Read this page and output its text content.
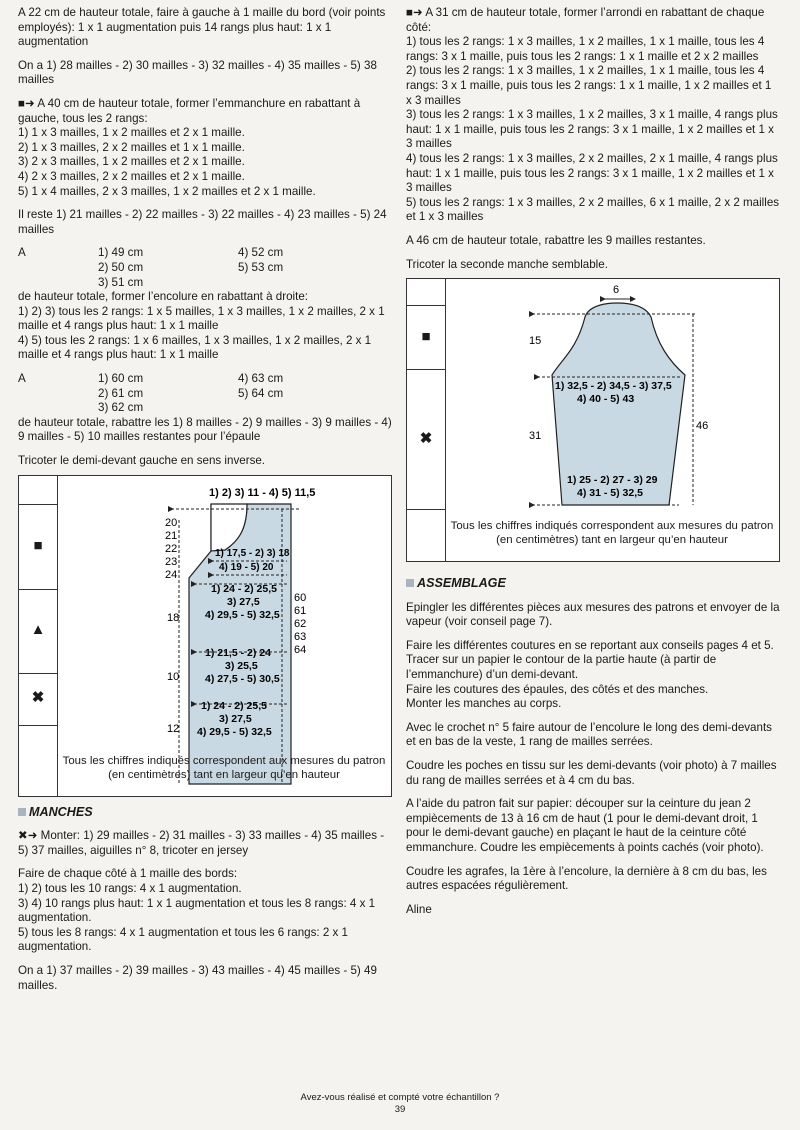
A 22 cm de hauteur totale, faire à gauche à 1 maille du bord (voir points employés): 1 x 1 augmentation puis 14 rangs plus haut: 1 x 1 augmentation

On a 1) 28 mailles - 2) 30 mailles - 3) 32 mailles - 4) 35 mailles - 5) 38 mailles

■➜ A 40 cm de hauteur totale, former l’emmanchure en rabattant à gauche, tous les 2 rangs:
1) 1 x 3 mailles, 1 x 2 mailles et 2 x 1 maille.
2) 1 x 3 mailles, 2 x 2 mailles et 1 x 1 maille.
3) 2 x 3 mailles, 1 x 2 mailles et 2 x 1 maille.
4) 2 x 3 mailles, 2 x 2 mailles et 2 x 1 maille.
5) 1 x 4 mailles, 2 x 3 mailles, 1 x 2 mailles et 2 x 1 maille.

Il reste 1) 21 mailles - 2) 22 mailles - 3) 22 mailles - 4) 23 mailles - 5) 24 mailles

A	1) 49 cm	4) 52 cm
2) 50 cm	5) 53 cm
3) 51 cm

de hauteur totale, former l’encolure en rabattant à droite:
1) 2) 3) tous les 2 rangs: 1 x 5 mailles, 1 x 3 mailles, 1 x 2 mailles, 2 x 1 maille et 4 rangs plus haut: 1 x 1 maille
4) 5) tous les 2 rangs: 1 x 6 mailles, 1 x 3 mailles, 1 x 2 mailles, 2 x 1 maille et 4 rangs plus haut: 1 x 1 maille

A	1) 60 cm	4) 63 cm
2) 61 cm	5) 64 cm
3) 62 cm

de hauteur totale, rabattre les 1) 8 mailles - 2) 9 mailles - 3) 9 mailles - 4) 9 mailles - 5) 10 mailles restantes pour l’épaule

Tricoter le demi-devant gauche en sens inverse.

■
▲
✖
1) 2) 3) 11 - 4) 5) 11,5
20
21
22
23
24
60
61
62
63
64
18
10
12
1) 17,5 - 2) 3) 18
4) 19 - 5) 20
1) 24 - 2) 25,5
3) 27,5
4) 29,5 - 5) 32,5
1) 21,5 - 2) 24
3) 25,5
4) 27,5 - 5) 30,5
1) 24 - 2) 25,5
3) 27,5
4) 29,5 - 5) 32,5
Tous les chiffres indiqués correspondent aux mesures du patron (en centimètres) tant en largeur qu’en hauteur
MANCHES

✖➜ Monter: 1) 29 mailles - 2) 31 mailles - 3) 33 mailles - 4) 35 mailles - 5) 37 mailles, aiguilles n° 8, tricoter en jersey

Faire de chaque côté à 1 maille des bords:
1) 2) tous les 10 rangs: 4 x 1 augmentation.
3) 4) 10 rangs plus haut: 1 x 1 augmentation et tous les 8 rangs: 4 x 1 augmentation.
5) tous les 8 rangs: 4 x 1 augmentation et tous les 6 rangs: 2 x 1 augmentation.

On a 1) 37 mailles - 2) 39 mailles - 3) 43 mailles - 4) 45 mailles - 5) 49 mailles.

■➜ A 31 cm de hauteur totale, former l’arrondi en rabattant de chaque côté:
1) tous les 2 rangs: 1 x 3 mailles, 1 x 2 mailles, 1 x 1 maille, tous les 4 rangs: 3 x 1 maille, puis tous les 2 rangs: 1 x 1 maille et 2 x 2 mailles
2) tous les 2 rangs: 1 x 3 mailles, 1 x 2 mailles, 1 x 1 maille, tous les 4 rangs: 3 x 1 maille, puis tous les 2 rangs: 1 x 1 maille, 1 x 2 mailles et 1 x 3 mailles
3) tous les 2 rangs: 1 x 3 mailles, 1 x 2 mailles, 3 x 1 maille, 4 rangs plus haut: 1 x 1 maille, puis tous les 2 rangs: 3 x 1 maille, 1 x 2 mailles et 1 x 3 mailles
4) tous les 2 rangs: 1 x 3 mailles, 2 x 2 mailles, 2 x 1 maille, 4 rangs plus haut: 1 x 1 maille, puis tous les 2 rangs: 3 x 1 maille, 1 x 2 mailles et 1 x 3 mailles
5) tous les 2 rangs: 1 x 3 mailles, 2 x 2 mailles, 6 x 1 maille, 2 x 2 mailles et 1 x 3 mailles

A 46 cm de hauteur totale, rabattre les 9 mailles restantes.

Tricoter la seconde manche semblable.

■
✖
6
15
31
46
1) 32,5 - 2) 34,5 - 3) 37,5
4) 40 - 5) 43
1) 25 - 2) 27 - 3) 29
4) 31 - 5) 32,5
Tous les chiffres indiqués correspondent aux mesures du patron (en centimètres) tant en largeur qu’en hauteur
ASSEMBLAGE

Epingler les différentes pièces aux mesures des patrons et envoyer de la vapeur (voir conseil page 7).

Faire les différentes coutures en se reportant aux conseils pages 4 et 5.
Tracer sur un papier le contour de la partie haute (à partir de l’emmanchure) d’un demi-devant.
Faire les coutures des épaules, des côtés et des manches.
Monter les manches au corps.

Avec le crochet n° 5 faire autour de l’encolure le long des demi-devants et en bas de la veste, 1 rang de mailles serrées.

Coudre les poches en tissu sur les demi-devants (voir photo) à 7 mailles du rang de mailles serrées et à 4 cm du bas.

A l’aide du patron fait sur papier: découper sur la ceinture du jean 2 empiècements de 13 à 16 cm de haut (1 pour le demi-devant droit, 1 pour le demi-devant gauche) en plaçant le haut de la ceinture côté emmanchure. Coudre les empiècements à points cachés (voir photo).

Coudre les agrafes, la 1ère à l’encolure, la dernière à 8 cm du bas, les autres espacées régulièrement.

Aline

Avez-vous réalisé et compté votre échantillon ?
39
